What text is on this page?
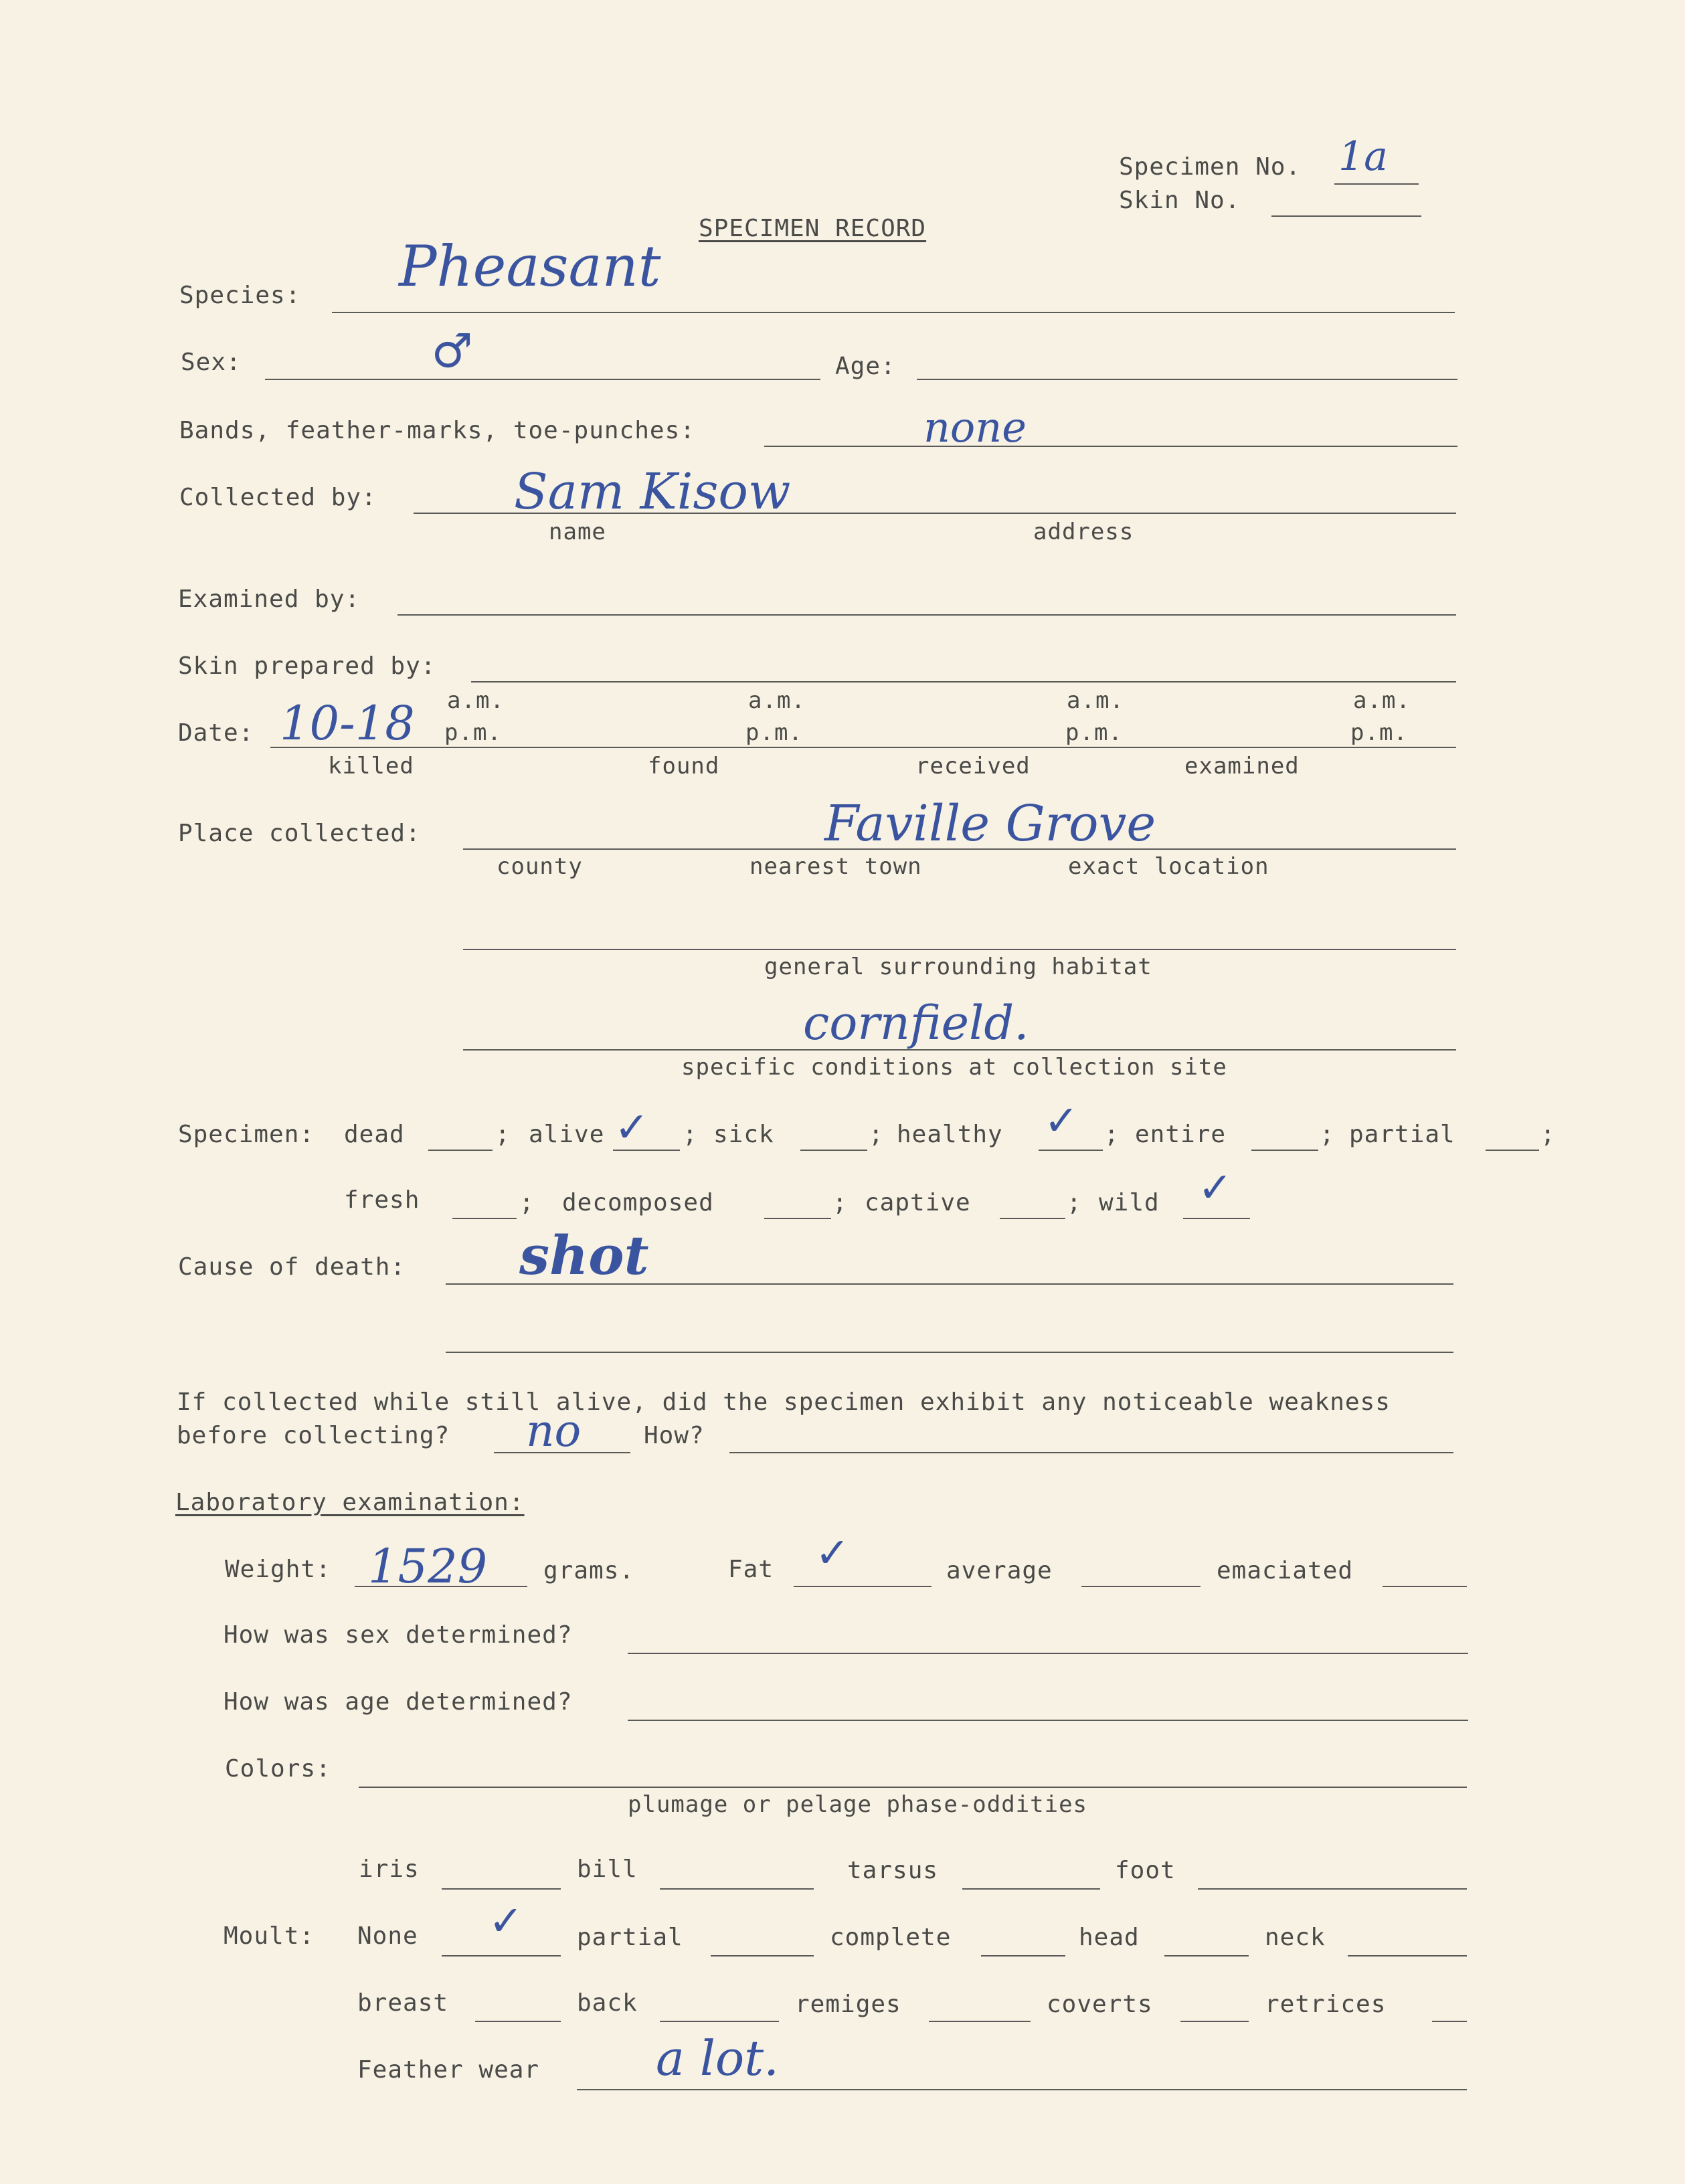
Specimen No. 1a
Skin No.
SPECIMEN RECORD
Species: Pheasant
Sex:	♂	Age:
Bands, feather-marks, toe-punches:	none
Collected by:	Sam Kisow
name	address
Examined by:
Skin prepared by:
a.m.	a.m.	a.m.	a.m.
Date: 10-18 p.m.	p.m.	p.m.	p.m.
killed	found	received	examined
Place collected:	Faville Grove
county	nearest town	exact location
general surrounding habitat
cornfield.
specific conditions at collection site
Specimen: dead	; alive ✓ ; sick	; healthy ✓ ; entire	; partial	;
fresh	; decomposed	; captive	; wild ✓
Cause of death: shot
If collected while still alive, did the specimen exhibit any noticeable weakness
before collecting? no	How?
Laboratory examination:
Weight: 1529 grams.	Fat ✓	average	emaciated
How was sex determined?
How was age determined?
Colors:
plumage or pelage phase-oddities
iris	bill	tarsus	foot
Moult: None ✓ partial	complete	head	neck
breast	back	remiges	coverts	retrices
Feather wear a lot.
